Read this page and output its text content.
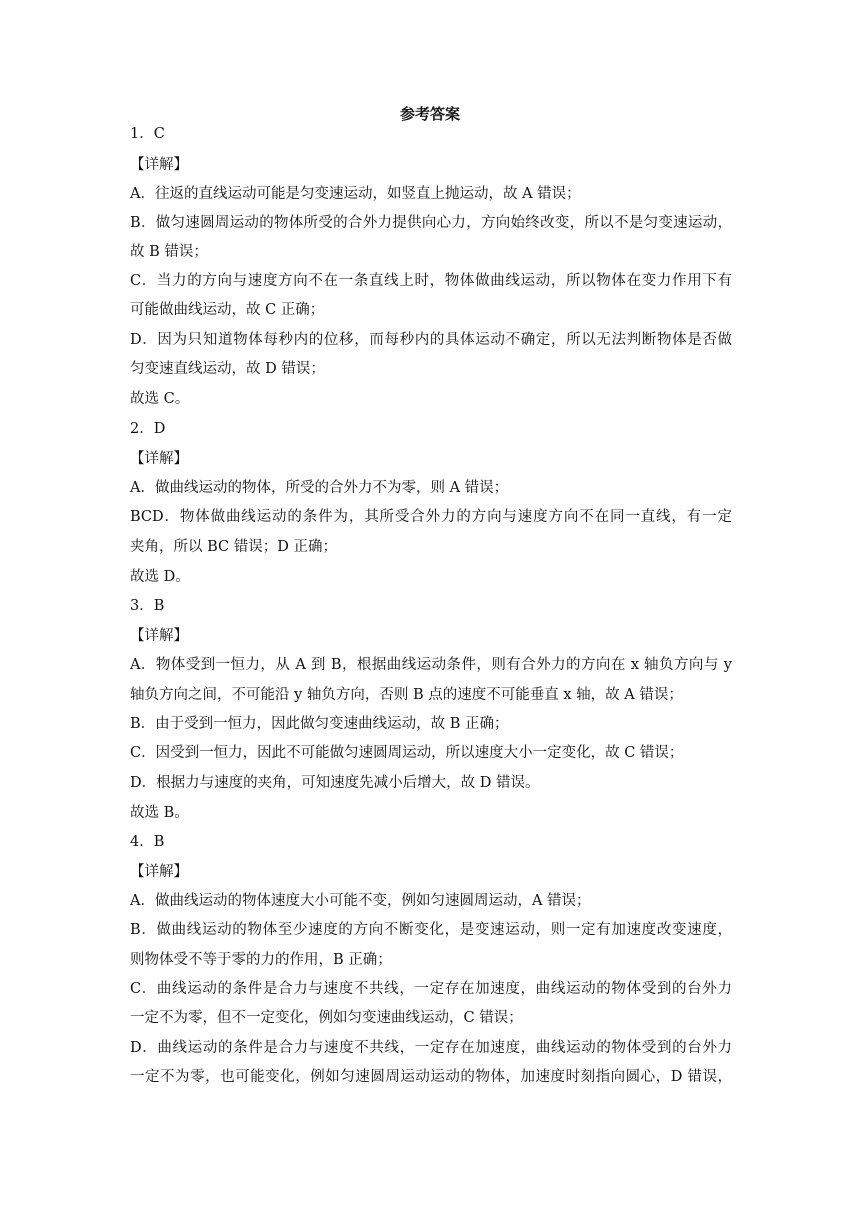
参考答案
1．C
【详解】
A．往返的直线运动可能是匀变速运动，如竖直上抛运动，故 A 错误；
B．做匀速圆周运动的物体所受的合外力提供向心力，方向始终改变，所以不是匀变速运动，
故 B 错误；
C．当力的方向与速度方向不在一条直线上时，物体做曲线运动，所以物体在变力作用下有
可能做曲线运动，故 C 正确；
D．因为只知道物体每秒内的位移，而每秒内的具体运动不确定，所以无法判断物体是否做
匀变速直线运动，故 D 错误；
故选 C。
2．D
【详解】
A．做曲线运动的物体，所受的合外力不为零，则 A 错误；
BCD．物体做曲线运动的条件为，其所受合外力的方向与速度方向不在同一直线，有一定
夹角，所以 BC 错误；D 正确；
故选 D。
3．B
【详解】
A．物体受到一恒力，从 A 到 B，根据曲线运动条件，则有合外力的方向在 x 轴负方向与 y
轴负方向之间，不可能沿 y 轴负方向，否则 B 点的速度不可能垂直 x 轴，故 A 错误；
B．由于受到一恒力，因此做匀变速曲线运动，故 B 正确；
C．因受到一恒力，因此不可能做匀速圆周运动，所以速度大小一定变化，故 C 错误；
D．根据力与速度的夹角，可知速度先减小后增大，故 D 错误。
故选 B。
4．B
【详解】
A．做曲线运动的物体速度大小可能不变，例如匀速圆周运动，A 错误；
B．做曲线运动的物体至少速度的方向不断变化，是变速运动，则一定有加速度改变速度，
则物体受不等于零的力的作用，B 正确；
C．曲线运动的条件是合力与速度不共线，一定存在加速度，曲线运动的物体受到的台外力
一定不为零，但不一定变化，例如匀变速曲线运动，C 错误；
D．曲线运动的条件是合力与速度不共线，一定存在加速度，曲线运动的物体受到的台外力
一定不为零，也可能变化，例如匀速圆周运动运动的物体，加速度时刻指向圆心，D 错误，
